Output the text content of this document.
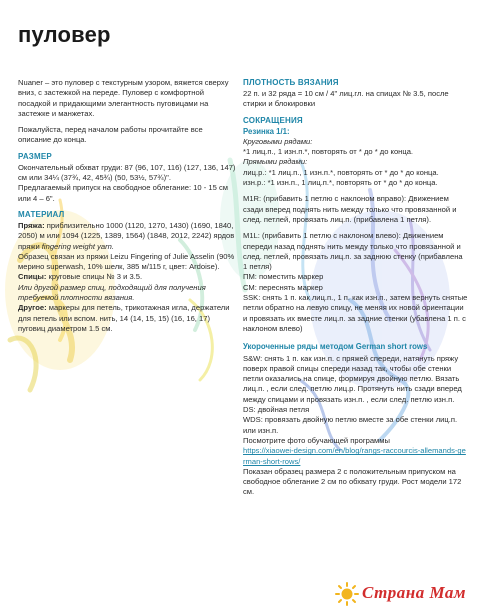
пуловер
Nuaner – это пуловер с текстурным узором, вяжется сверху вниз, с застежкой на переде. Пуловер с комфортной посадкой и придающими элегантность пуговицами на застежке и манжетах.
Пожалуйста, перед началом работы прочитайте все описание до конца.
РАЗМЕР
Окончательный обхват груди: 87 (96, 107, 116) (127, 136, 147) см или 34¼ (37¾, 42, 45¾) (50, 53½, 57¾)".
Предлагаемый припуск на свободное облегание: 10 - 15 см или 4 – 6".
МАТЕРИАЛ
Пряжа: приблизительно 1000 (1120, 1270, 1430) (1690, 1840, 2050) м или 1094 (1225, 1389, 1564) (1848, 2012, 2242) ярдов пряжи fingering weight yarn.
Образец связан из пряжи Leizu Fingering of Julie Asselin (90% мерино superwash, 10% шелк, 385 м/115 г, цвет: Ardoise).
Спицы: круговые спицы № 3 и 3.5.
Или другой размер спиц, подходящий для получения требуемой плотности вязания.
Другое: маркеры для петель, трикотажная игла, держатели для петель или вспом. нить, 14 (14, 15, 15) (16, 16, 17) пуговиц диаметром 1.5 см.
ПЛОТНОСТЬ ВЯЗАНИЯ
22 п. и 32 ряда = 10 см / 4" лиц.гл. на спицах № 3.5, после стирки и блокировки
СОКРАЩЕНИЯ
Резинка 1/1:
Круговыми рядами:
*1 лиц.п., 1 изн.п.*, повторять от * до * до конца.
Прямыми рядами:
лиц.р.: *1 лиц.п., 1 изн.п.*, повторять от * до * до конца.
изн.р.: *1 изн.п., 1 лиц.п.*, повторять от * до * до конца.
M1R: (прибавить 1 петлю с наклоном вправо): Движением сзади вперед поднять нить между только что провязанной и след. петлей, провязать лиц.п. (прибавлена 1 петля).
M1L: (прибавить 1 петлю с наклоном влево): Движением спереди назад поднять нить между только что провязанной и след. петлей, провязать лиц.п. за заднюю стенку (прибавлена 1 петля)
ПМ: поместить маркер
СМ: переснять маркер
SSK: снять 1 п. как лиц.п., 1 п. как изн.п., затем вернуть снятые петли обратно на левую спицу, не меняя их новой ориентации и провязать их вместе лиц.п. за задние стенки (убавлена 1 п. с наклоном влево)
Укороченные ряды методом German short rows
S&W: снять 1 п. как изн.п. с пряжей спереди, натянуть пряжу поверх правой спицы спереди назад так, чтобы обе стенки петли оказались на спице, формируя двойную петлю. Вязать лиц.п. , если след. петлю лиц.р. Протянуть нить сзади вперед между спицами и провязать изн.п. , если след. петлю изн.п.
DS: двойная петля
WDS: провязать двойную петлю вместе за обе стенки лиц.п. или изн.п.
Посмотрите фото обучающей программы
https://xiaowei-design.com/en/blog/rangs-raccourcis-allemands-german-short-rows/
Показан образец размера 2 с положительным припуском на свободное облегание 2 см по обхвату груди. Рост модели 172 см.
Страна Мам
